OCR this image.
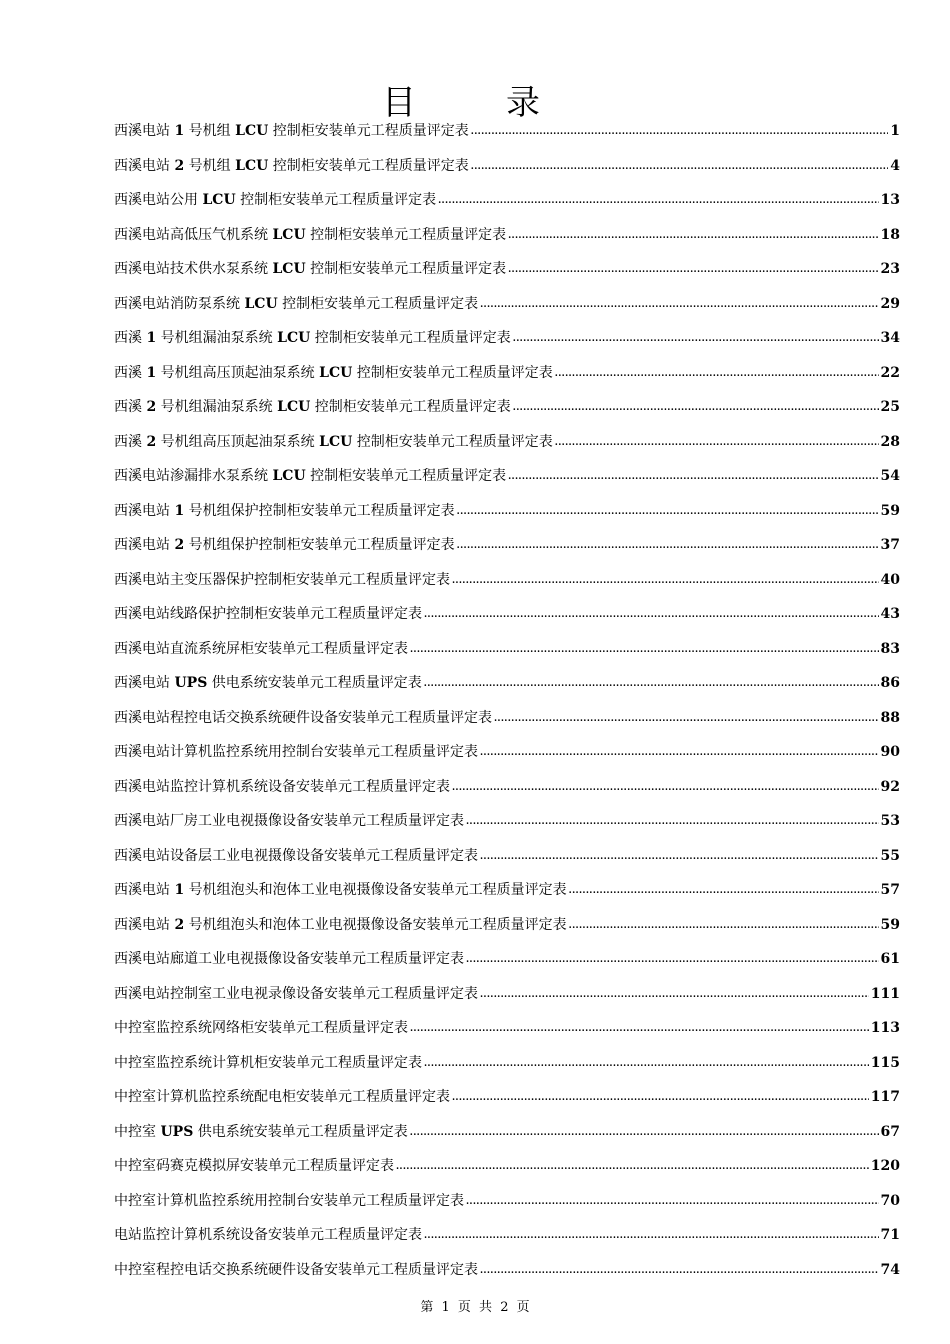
目　录
西溪电站 1 号机组 LCU 控制柜安装单元工程质量评定表 .....	1
西溪电站 2 号机组 LCU 控制柜安装单元工程质量评定表 .....	4
西溪电站公用 LCU 控制柜安装单元工程质量评定表 .....	13
西溪电站高低压气机系统 LCU 控制柜安装单元工程质量评定表 .....	18
西溪电站技术供水泵系统 LCU 控制柜安装单元工程质量评定表 .....	23
西溪电站消防泵系统 LCU 控制柜安装单元工程质量评定表 .....	29
西溪 1 号机组漏油泵系统 LCU 控制柜安装单元工程质量评定表 .....	34
西溪 1 号机组高压顶起油泵系统 LCU 控制柜安装单元工程质量评定表 .....	22
西溪 2 号机组漏油泵系统 LCU 控制柜安装单元工程质量评定表 .....	25
西溪 2 号机组高压顶起油泵系统 LCU 控制柜安装单元工程质量评定表 .....	28
西溪电站渗漏排水泵系统 LCU 控制柜安装单元工程质量评定表 .....	54
西溪电站 1 号机组保护控制柜安装单元工程质量评定表 .....	59
西溪电站 2 号机组保护控制柜安装单元工程质量评定表 .....	37
西溪电站主变压器保护控制柜安装单元工程质量评定表 .....	40
西溪电站线路保护控制柜安装单元工程质量评定表 .....	43
西溪电站直流系统屏柜安装单元工程质量评定表 .....	83
西溪电站 UPS 供电系统安装单元工程质量评定表 .....	86
西溪电站程控电话交换系统硬件设备安装单元工程质量评定表 .....	88
西溪电站计算机监控系统用控制台安装单元工程质量评定表 .....	90
西溪电站监控计算机系统设备安装单元工程质量评定表 .....	92
西溪电站厂房工业电视摄像设备安装单元工程质量评定表 .....	53
西溪电站设备层工业电视摄像设备安装单元工程质量评定表 .....	55
西溪电站 1 号机组泡头和泡体工业电视摄像设备安装单元工程质量评定表 .....	57
西溪电站 2 号机组泡头和泡体工业电视摄像设备安装单元工程质量评定表 .....	59
西溪电站廊道工业电视摄像设备安装单元工程质量评定表 .....	61
西溪电站控制室工业电视录像设备安装单元工程质量评定表 .....	111
中控室监控系统网络柜安装单元工程质量评定表 .....	113
中控室监控系统计算机柜安装单元工程质量评定表 .....	115
中控室计算机监控系统配电柜安装单元工程质量评定表 .....	117
中控室 UPS 供电系统安装单元工程质量评定表 .....	67
中控室码赛克模拟屏安装单元工程质量评定表 .....	120
中控室计算机监控系统用控制台安装单元工程质量评定表 .....	70
电站监控计算机系统设备安装单元工程质量评定表 .....	71
中控室程控电话交换系统硬件设备安装单元工程质量评定表 .....	74
第 1 页 共 2 页
